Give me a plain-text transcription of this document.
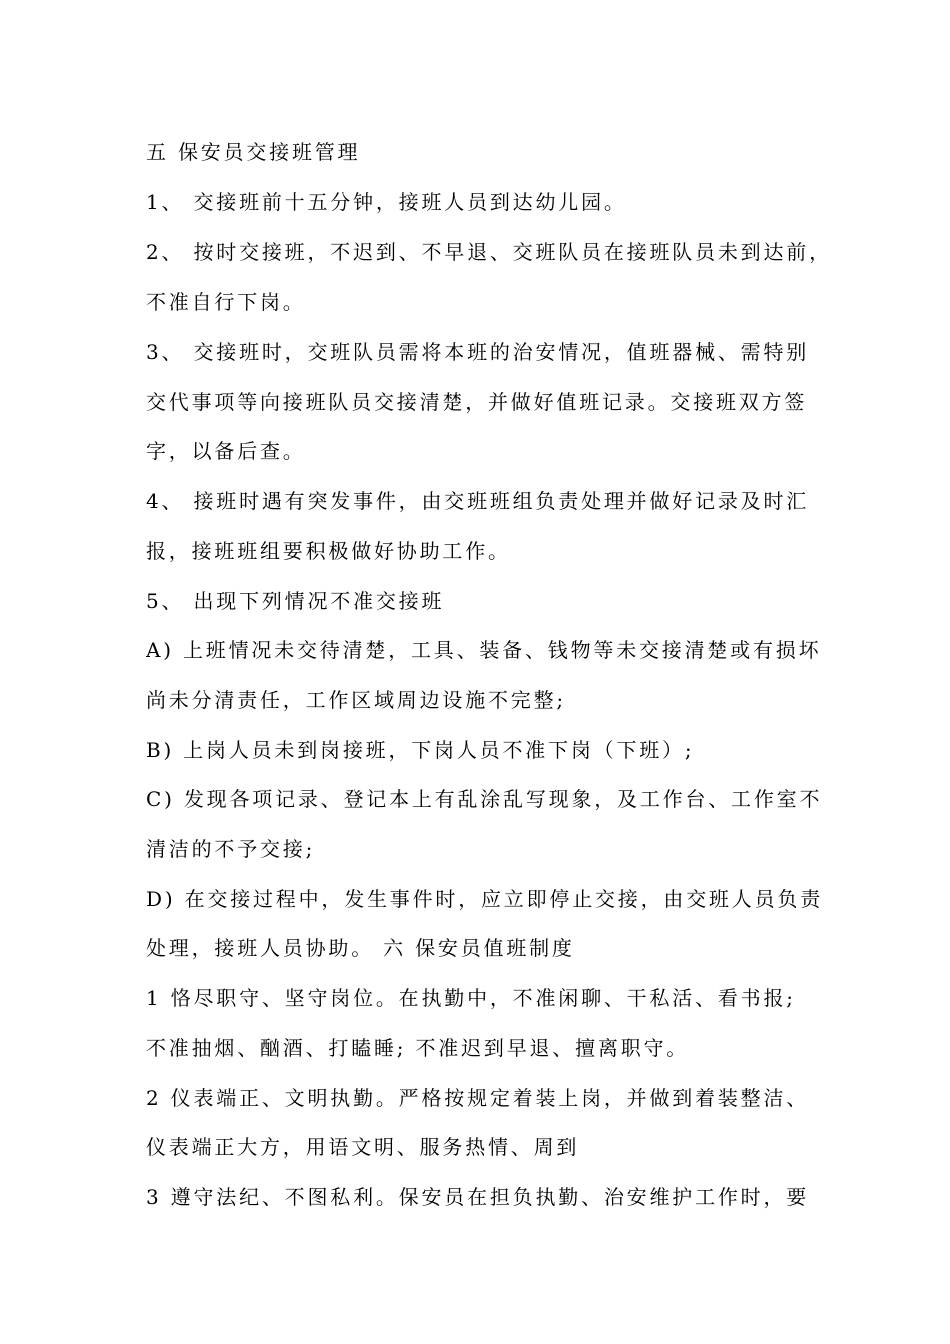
五 保安员交接班管理
1、 交接班前十五分钟，接班人员到达幼儿园。
2、 按时交接班，不迟到、不早退、交班队员在接班队员未到达前，
不准自行下岗。
3、 交接班时，交班队员需将本班的治安情况，值班器械、需特别
交代事项等向接班队员交接清楚，并做好值班记录。交接班双方签
字，以备后查。
4、 接班时遇有突发事件，由交班班组负责处理并做好记录及时汇
报，接班班组要积极做好协助工作。
5、 出现下列情况不准交接班
A) 上班情况未交待清楚，工具、装备、钱物等未交接清楚或有损坏
尚未分清责任，工作区域周边设施不完整;
B) 上岗人员未到岗接班，下岗人员不准下岗（下班）;
C) 发现各项记录、登记本上有乱涂乱写现象，及工作台、工作室不
清洁的不予交接;
D) 在交接过程中，发生事件时，应立即停止交接，由交班人员负责
处理，接班人员协助。 六 保安员值班制度
1 恪尽职守、坚守岗位。在执勤中，不准闲聊、干私活、看书报;
不准抽烟、酗酒、打瞌睡; 不准迟到早退、擅离职守。
2 仪表端正、文明执勤。严格按规定着装上岗，并做到着装整洁、
仪表端正大方，用语文明、服务热情、周到
3 遵守法纪、不图私利。保安员在担负执勤、治安维护工作时，要
